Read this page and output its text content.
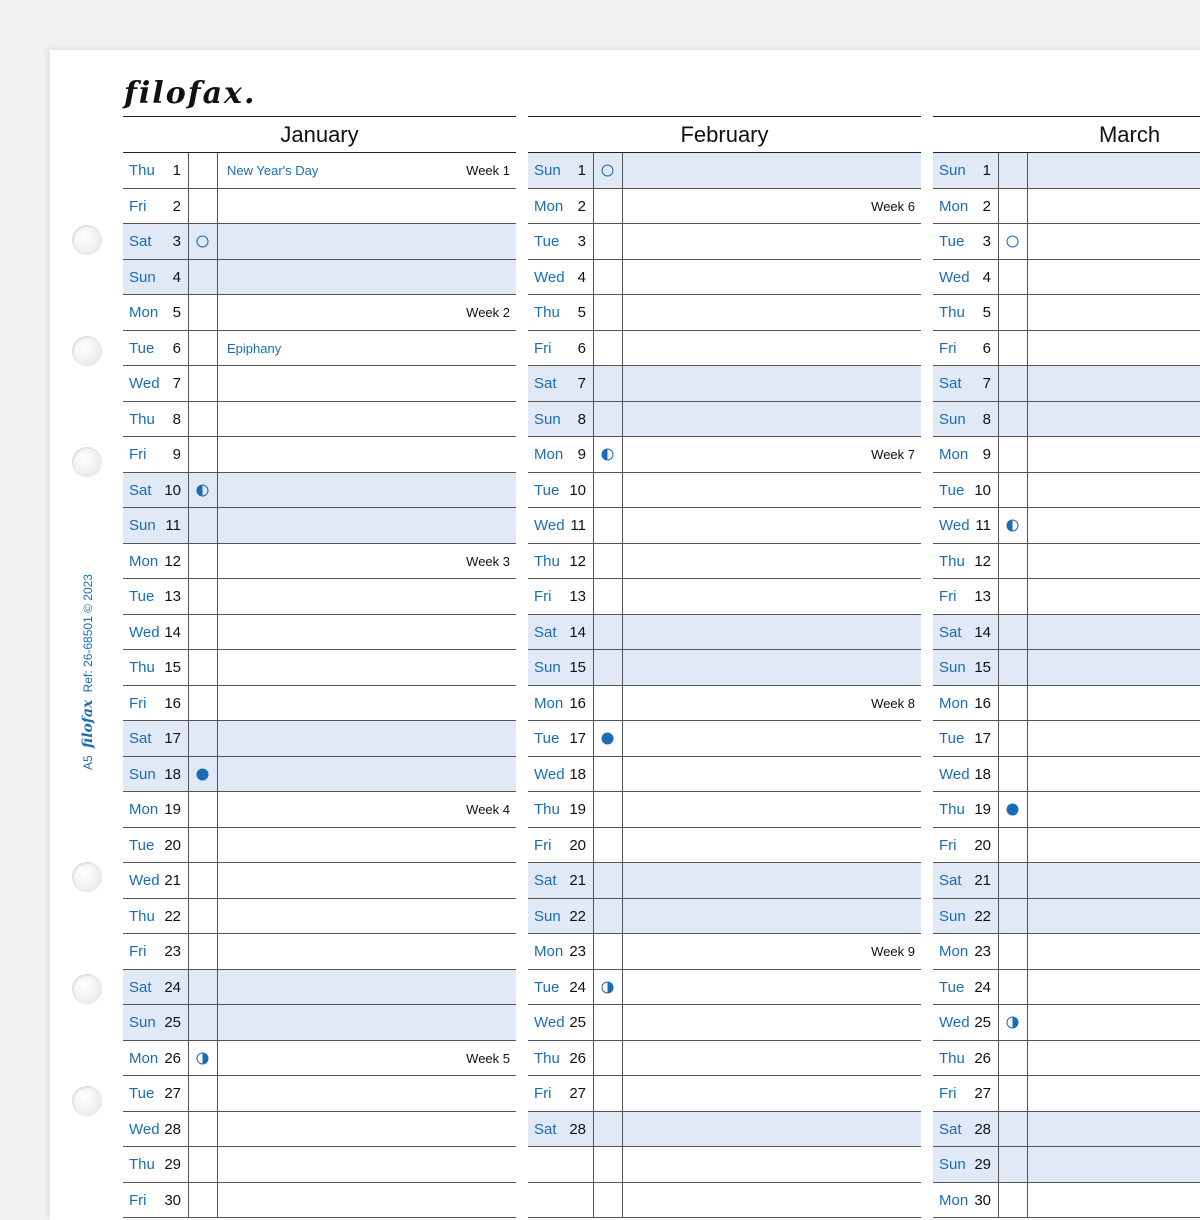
filofax.
A5 filofax Ref: 26-68501 © 2023
January
Thu	1	New Year's Day	Week 1
Fri	2
Sat	3
Sun	4
Mon 5	Week 2
Tue	6	Epiphany
Wed 7
Thu	8
Fri	9
Sat 10
Sun 11
Mon 12	Week 3
Tue 13
Wed 14
Thu 15
Fri	16
Sat 17
Sun 18
Mon 19	Week 4
Tue 20
Wed 21
Thu 22
Fri	23
Sat 24
Sun 25
Mon 26	Week 5
Tue 27
Wed 28
Thu 29
Fri	30
February
Sun	1
Mon 2	Week 6
Tue	3
Wed 4
Thu	5
Fri	6
Sat	7
Sun	8
Mon 9	Week 7
Tue 10
Wed 11
Thu 12
Fri	13
Sat 14
Sun 15
Mon 16	Week 8
Tue 17
Wed 18
Thu 19
Fri	20
Sat 21
Sun 22
Mon 23	Week 9
Tue 24
Wed 25
Thu 26
Fri	27
Sat 28
March
Sun	1
Mon 2
Tue	3
Wed 4
Thu	5
Fri	6
Sat	7
Sun	8
Mon 9
Tue 10
Wed 11
Thu 12
Fri	13
Sat 14
Sun 15
Mon 16
Tue 17
Wed 18
Thu 19
Fri	20
Sat 21
Sun 22
Mon 23
Tue 24
Wed 25
Thu 26
Fri	27
Sat 28
Sun 29
Mon 30
